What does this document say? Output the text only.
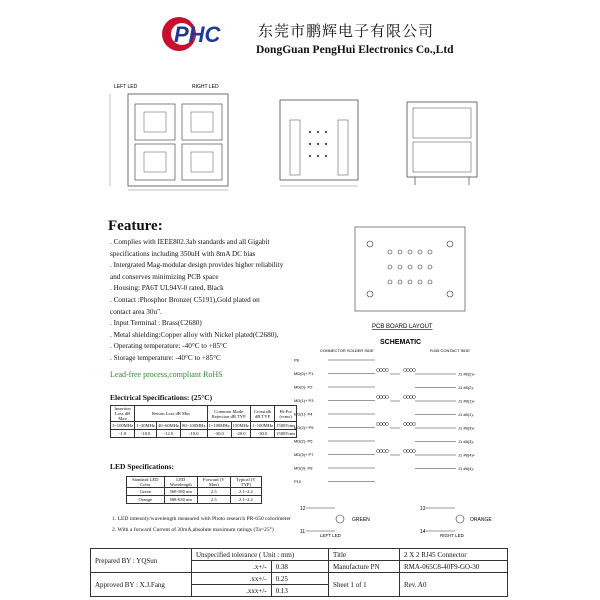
PHC	东莞市鹏辉电子有限公司
DongGuan PengHui Electronics Co.,Ltd
LEFT LED	RIGHT LED
PCB BOARD LAYOUT
SCHEMATIC
CONNECTOR SOLDER SIDE	RJ45 CONTACT SIDE
P8
MD(0)+ P1
MD(0)- P2
MD(1)+ P3
MD(1)- P4
MD(2)+ P5
MD(2)- P6
MD(3)+ P7
MD(3)- P8
P10
J1 #8(2)+
J1 #8(2)-
J1 #8(1)+
J1 #8(1)-
J1 #8(3)+
J1 #8(3)-
J1 #8(4)+
J1 #8(4)-
12
11
GREEN
13
14
ORANGE
LEFT LED	RIGHT LED
Feature:
. Complies with IEEE802.3ab standards and all Gigabit
specifications including 350uH with 8mA DC bias
. Intergrated Mag-modular design provides higher reliability
and conserves minimizing PCB space
. Housing: PA6T UL94V-0 rated, Black
. Contact :Phosphor Bronze( C5191),Gold plated on
contact area 30u".
. Input Terminal : Brass(C2680)
. Metal shielding:Copper alloy with Nickel plated(C2680),
. Operating temperature: -40°C to +85°C
. Storage temperature: -40°C to +85°C
Lead-free process,compliant RoHS
Electrical Specifications: (25°C)
Insertion Loss dB Max	Return Loss dB Min			Common Mode Rejection dB TYP		Crosstalk dB TYP	Hi-Pot (vrms)
1~100MHz	1~30MHz	40~60MHz	80~100MHz	1~100MHz	150MHz	1~100MHz	1500Vrms
-1.0	-18.0	-12.0	-10.0	-30.0	-20.0	-30.0	1500Vrms
LED Specifications:
Standard LED Color	LED Wavelength	Forward (V Max)	Typical (V TYP)
Green	568-580 nm	2.5	2.1~2.2
Orange	588-630 nm	2.5	2.1~2.2
1. LED intensity/wavelength measured with Photo research PR-650 colorimeter
2. With a forward Current of 20mA,absolute maximum ratings (Ta=25°)
Prepared BY : YQSun	Unspecified tolerance ( Unit : mm)		Title	2 X 2 RJ45 Connector
	.x+/-	0.38	Manufacture PN	RMA-065C8-40F9-GO-30
Approved BY : X.J.Fang	.xx+/-	0.25	Sheet 1 of 1	Rev. A0
	.xxx+/-	0.13		
